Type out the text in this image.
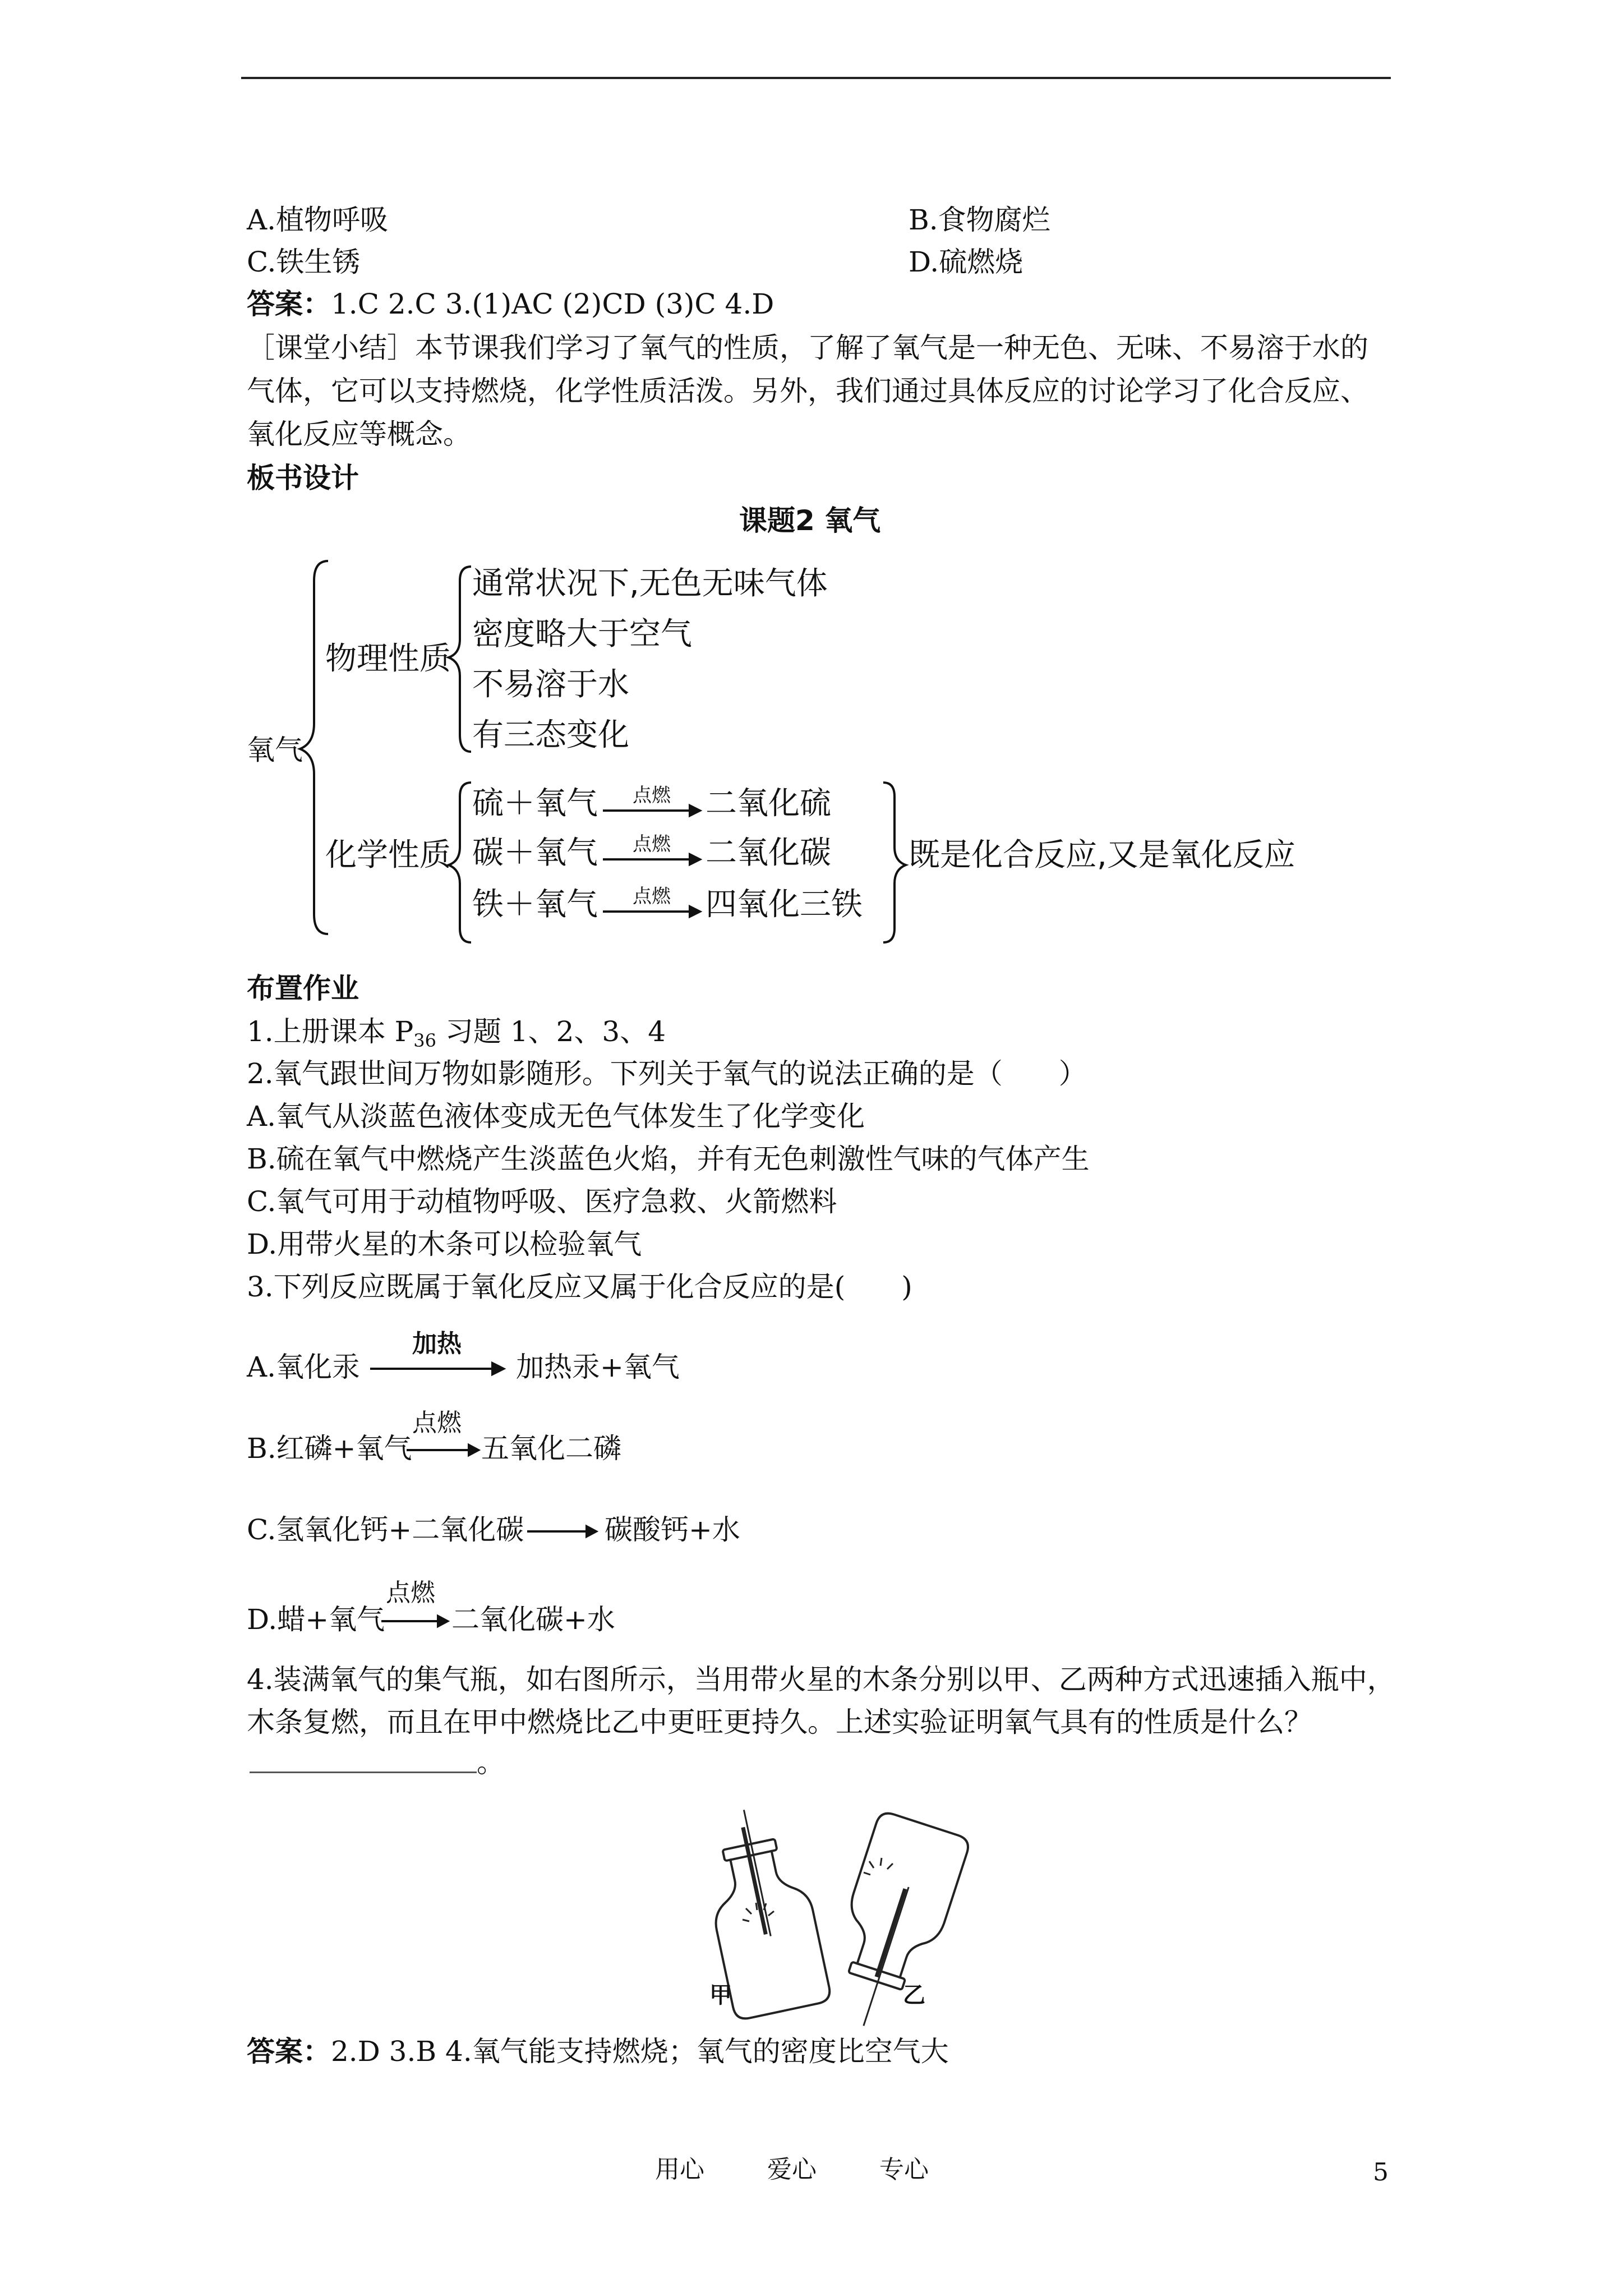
A.植物呼吸	B.食物腐烂
C.铁生锈	D.硫燃烧
答案：1.C 2.C 3.(1)AC (2)CD (3)C 4.D
［课堂小结］本节课我们学习了氧气的性质，了解了氧气是一种无色、无味、不易溶于水的
气体，它可以支持燃烧，化学性质活泼。另外，我们通过具体反应的讨论学习了化合反应、
氧化反应等概念。
板书设计
课题2 氧气
氧气
物理性质
通常状况下,无色无味气体
密度略大于空气
不易溶于水
有三态变化
化学性质
硫＋氧气 点燃 二氧化硫
碳＋氧气 点燃 二氧化碳
铁＋氧气 点燃 四氧化三铁
既是化合反应,又是氧化反应
布置作业
1.上册课本 $P_{36}$ 习题 1、2、3、4
2.氧气跟世间万物如影随形。下列关于氧气的说法正确的是（　　）
A.氧气从淡蓝色液体变成无色气体发生了化学变化
B.硫在氧气中燃烧产生淡蓝色火焰，并有无色刺激性气味的气体产生
C.氧气可用于动植物呼吸、医疗急救、火箭燃料
D.用带火星的木条可以检验氧气
3.下列反应既属于氧化反应又属于化合反应的是(　　)
A.氧化汞
加热
加热汞+氧气
B.红磷+氧气
点燃
五氧化二磷
C.氢氧化钙+二氧化碳	碳酸钙+水
D.蜡+氧气
点燃
二氧化碳+水
4.装满氧气的集气瓶，如右图所示，当用带火星的木条分别以甲、乙两种方式迅速插入瓶中，
木条复燃，而且在甲中燃烧比乙中更旺更持久。上述实验证明氧气具有的性质是什么？
。
甲	乙
答案：2.D 3.B 4.氧气能支持燃烧；氧气的密度比空气大
用心	爱心	专心	5
